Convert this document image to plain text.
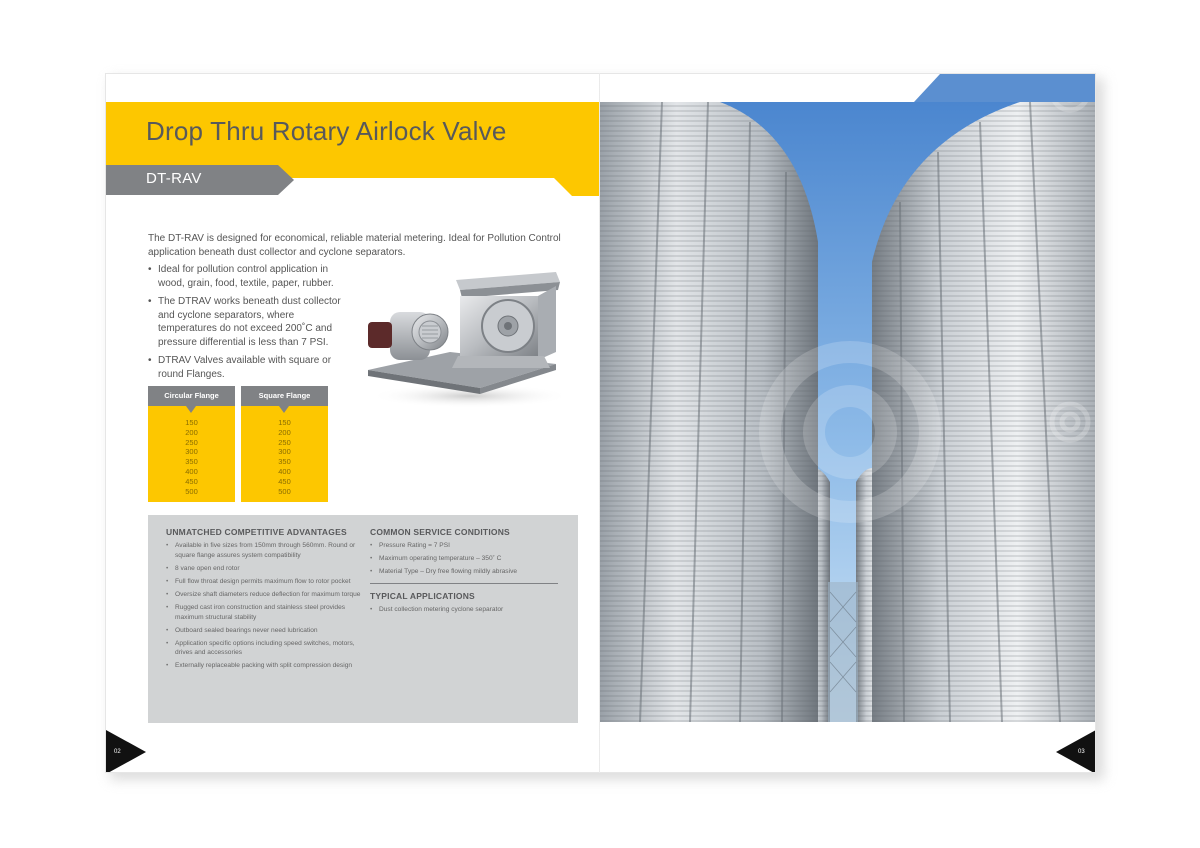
Drop Thru Rotary Airlock Valve
DT-RAV

The DT-RAV is designed for economical, reliable material metering. Ideal for Pollution Control application beneath dust collector and cyclone separators.

• Ideal for pollution control application in wood, grain, food, textile, paper, rubber.
• The DTRAV works beneath dust collector and cyclone separators, where temperatures do not exceed 200˚C and pressure differential is less than 7 PSI.
• DTRAV Valves available with square or round Flanges.
Circular Flange
150
200
250
300
350
400
450
500
Square Flange
150
200
250
300
350
400
450
500
UNMATCHED COMPETITIVE ADVANTAGES
• Available in five sizes from 150mm through 560mm. Round or square flange assures system compatibility
• 8 vane open end rotor
• Full flow throat design permits maximum flow to rotor pocket
• Oversize shaft diameters reduce deflection for maximum torque
• Rugged cast iron construction and stainless steel provides maximum structural stability
• Outboard sealed bearings never need lubrication
• Application specific options including speed switches, motors, drives and accessories
• Externally replaceable packing with split compression design
COMMON SERVICE CONDITIONS
• Pressure Rating = 7 PSI
• Maximum operating temperature – 350˚ C
• Material Type – Dry free flowing mildly abrasive
TYPICAL APPLICATIONS
• Dust collection metering cyclone separator
02	03
